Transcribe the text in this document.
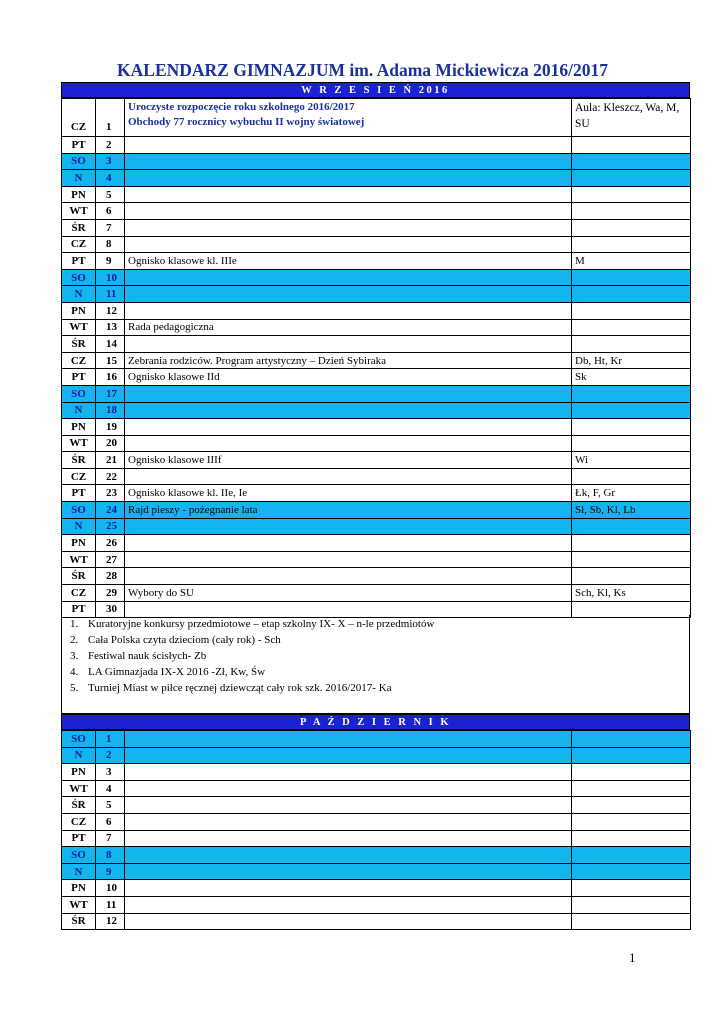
KALENDARZ GIMNAZJUM im. Adama Mickiewicza 2016/2017
W R Z E S I E Ń 2016
CZ	1	Uroczyste rozpoczęcie roku szkolnego 2016/2017
Obchody 77 rocznicy wybuchu II wojny światowej	Aula: Kleszcz, Wa, M, SU
PT	2		
SO	3		
N	4		
PN	5		
WT	6		
ŚR	7		
CZ	8		
PT	9	Ognisko klasowe kl. IIIe	M
SO	10		
N	11		
PN	12		
WT	13	Rada pedagogiczna	
ŚR	14		
CZ	15	Zebrania rodziców. Program artystyczny – Dzień Sybiraka	Db, Ht, Kr
PT	16	Ognisko klasowe IId	Sk
SO	17		
N	18		
PN	19		
WT	20		
ŚR	21	Ognisko klasowe IIIf	Wi
CZ	22		
PT	23	Ognisko klasowe kl. IIe, Ie	Łk, F, Gr
SO	24	Rajd pieszy - pożegnanie lata	Sł, Sb, Kl, Lb
N	25		
PN	26		
WT	27		
ŚR	28		
CZ	29	Wybory do SU	Sch, Kl, Ks
PT	30		
1. Kuratoryjne konkursy przedmiotowe – etap szkolny IX- X – n-le przedmiotów
2. Cała Polska czyta dzieciom (cały rok) - Sch
3. Festiwal nauk ścisłych- Zb
4. LA Gimnazjada IX-X 2016 -Zł, Kw, Św
5. Turniej Miast w piłce ręcznej dziewcząt cały rok szk. 2016/2017- Ka
P A Ź D Z I E R N I K
SO	1		
N	2		
PN	3		
WT	4		
ŚR	5		
CZ	6		
PT	7		
SO	8		
N	9		
PN	10		
WT	11		
ŚR	12		
1
